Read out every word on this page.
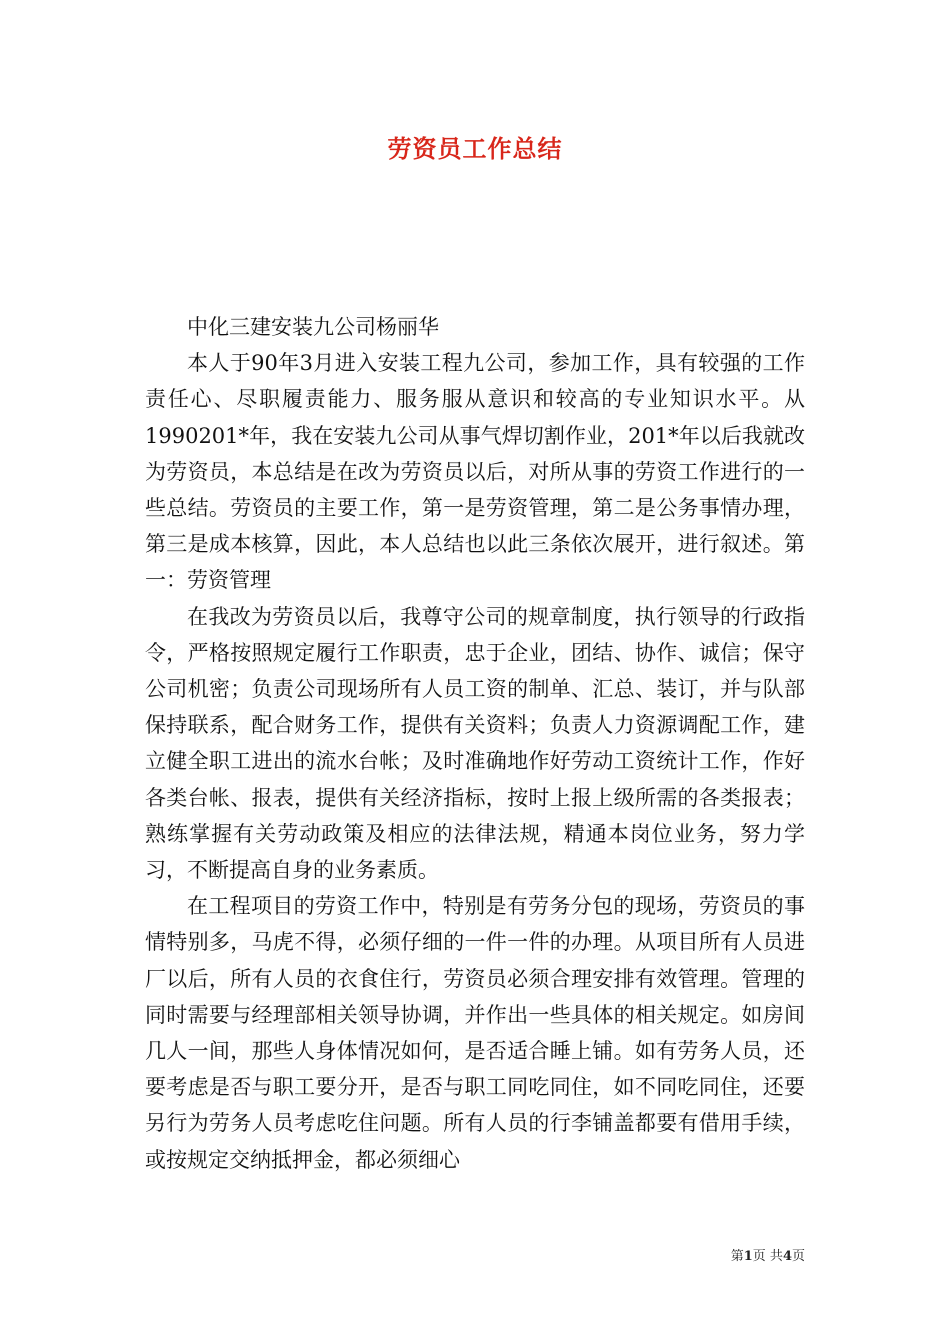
劳资员工作总结

中化三建安装九公司杨丽华

本人于90年3月进入安装工程九公司，参加工作，具有较强的工作责任心、尽职履责能力、服务服从意识和较高的专业知识水平。从1990201*年，我在安装九公司从事气焊切割作业，201*年以后我就改为劳资员，本总结是在改为劳资员以后，对所从事的劳资工作进行的一些总结。劳资员的主要工作，第一是劳资管理，第二是公务事情办理，第三是成本核算，因此，本人总结也以此三条依次展开，进行叙述。第一：劳资管理

在我改为劳资员以后，我尊守公司的规章制度，执行领导的行政指令，严格按照规定履行工作职责，忠于企业，团结、协作、诚信；保守公司机密；负责公司现场所有人员工资的制单、汇总、装订，并与队部保持联系，配合财务工作，提供有关资料；负责人力资源调配工作，建立健全职工进出的流水台帐；及时准确地作好劳动工资统计工作，作好各类台帐、报表，提供有关经济指标，按时上报上级所需的各类报表；熟练掌握有关劳动政策及相应的法律法规，精通本岗位业务，努力学习，不断提高自身的业务素质。

在工程项目的劳资工作中，特别是有劳务分包的现场，劳资员的事情特别多，马虎不得，必须仔细的一件一件的办理。从项目所有人员进厂以后，所有人员的衣食住行，劳资员必须合理安排有效管理。管理的同时需要与经理部相关领导协调，并作出一些具体的相关规定。如房间几人一间，那些人身体情况如何，是否适合睡上铺。如有劳务人员，还要考虑是否与职工要分开，是否与职工同吃同住，如不同吃同住，还要另行为劳务人员考虑吃住问题。所有人员的行李铺盖都要有借用手续，或按规定交纳抵押金，都必须细心

第1页 共4页
